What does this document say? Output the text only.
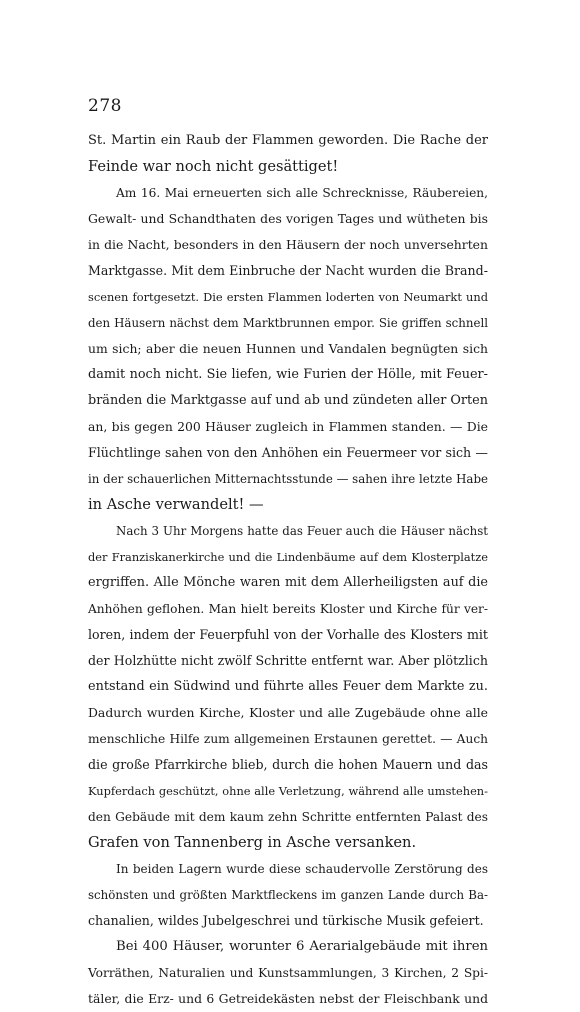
278
St. Martin ein Raub der Flammen geworden. Die Rache der
Feinde war noch nicht gesättiget!
Am 16. Mai erneuerten sich alle Schrecknisse, Räubereien,
Gewalt- und Schandthaten des vorigen Tages und wütheten bis
in die Nacht, besonders in den Häusern der noch unversehrten
Marktgasse. Mit dem Einbruche der Nacht wurden die Brand-
scenen fortgesetzt. Die ersten Flammen loderten von Neumarkt und
den Häusern nächst dem Marktbrunnen empor. Sie griffen schnell
um sich; aber die neuen Hunnen und Vandalen begnügten sich
damit noch nicht. Sie liefen, wie Furien der Hölle, mit Feuer-
bränden die Marktgasse auf und ab und zündeten aller Orten
an, bis gegen 200 Häuser zugleich in Flammen standen. — Die
Flüchtlinge sahen von den Anhöhen ein Feuermeer vor sich —
in der schauerlichen Mitternachtsstunde — sahen ihre letzte Habe
in Asche verwandelt! —
Nach 3 Uhr Morgens hatte das Feuer auch die Häuser nächst
der Franziskanerkirche und die Lindenbäume auf dem Klosterplatze
ergriffen. Alle Mönche waren mit dem Allerheiligsten auf die
Anhöhen geflohen. Man hielt bereits Kloster und Kirche für ver-
loren, indem der Feuerpfuhl von der Vorhalle des Klosters mit
der Holzhütte nicht zwölf Schritte entfernt war. Aber plötzlich
entstand ein Südwind und führte alles Feuer dem Markte zu.
Dadurch wurden Kirche, Kloster und alle Zugebäude ohne alle
menschliche Hilfe zum allgemeinen Erstaunen gerettet. — Auch
die große Pfarrkirche blieb, durch die hohen Mauern und das
Kupferdach geschützt, ohne alle Verletzung, während alle umstehen-
den Gebäude mit dem kaum zehn Schritte entfernten Palast des
Grafen von Tannenberg in Asche versanken.
In beiden Lagern wurde diese schaudervolle Zerstörung des
schönsten und größten Marktfleckens im ganzen Lande durch Ba-
chanalien, wildes Jubelgeschrei und türkische Musik gefeiert.
Bei 400 Häuser, worunter 6 Aerarialgebäude mit ihren
Vorräthen, Naturalien und Kunstsammlungen, 3 Kirchen, 2 Spi-
täler, die Erz- und 6 Getreidekästen nebst der Fleischbank und
